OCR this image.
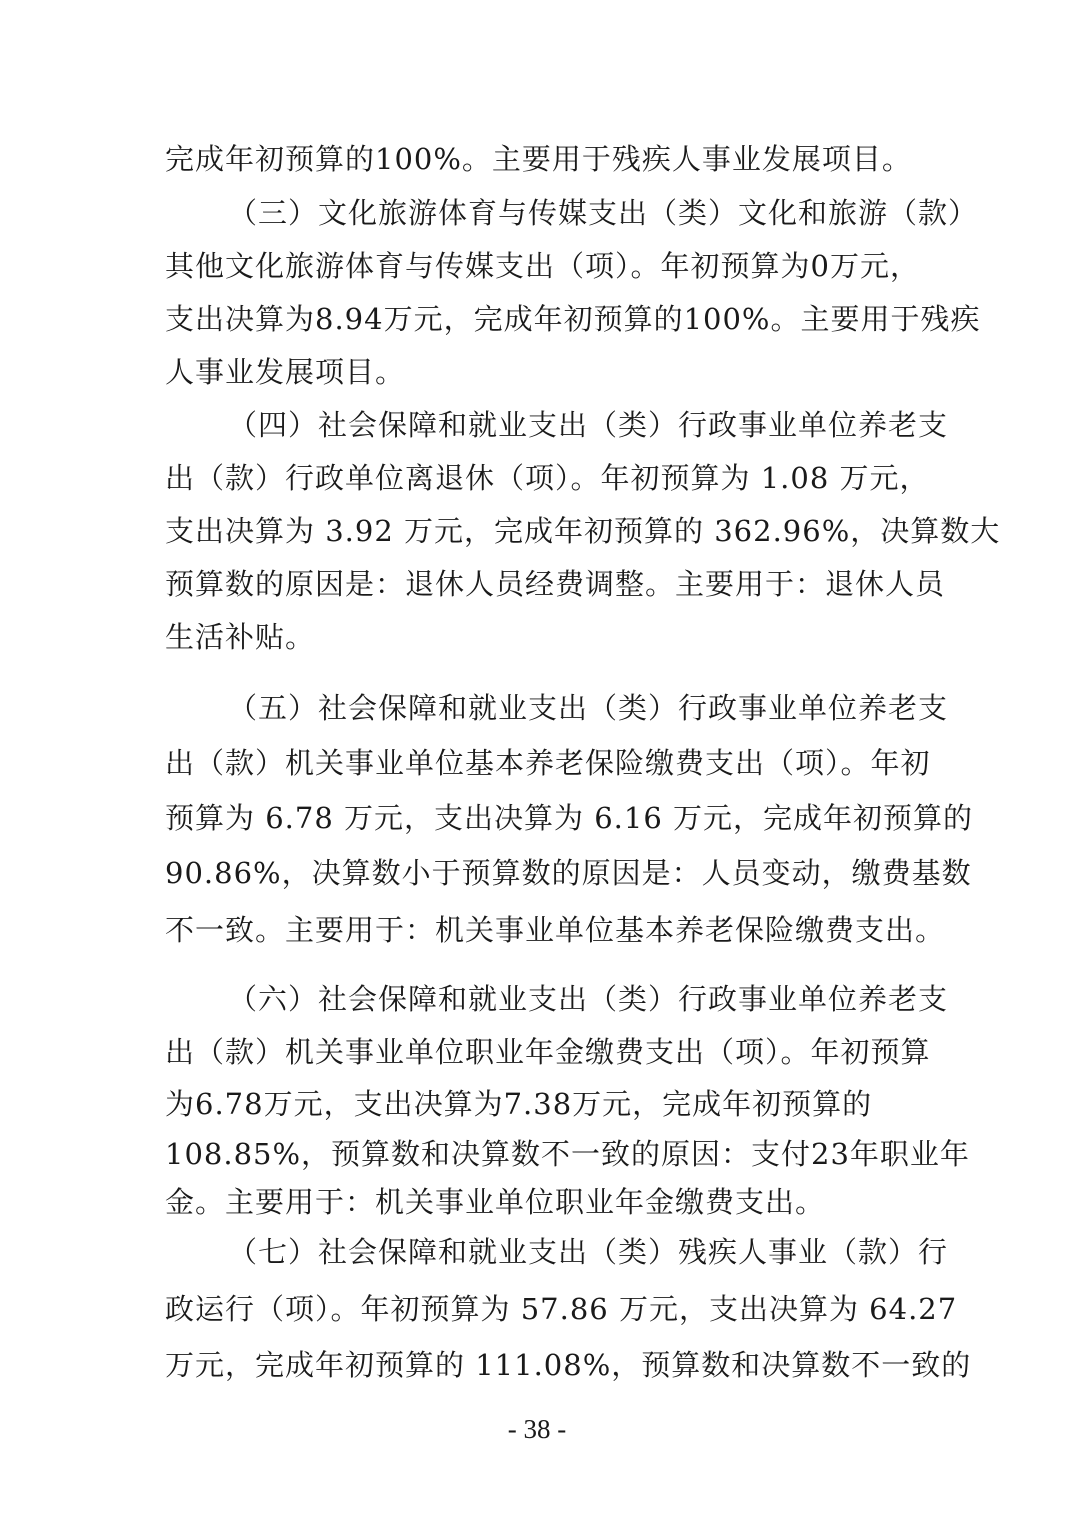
完成年初预算的100%。主要用于残疾人事业发展项目。
（三）文化旅游体育与传媒支出（类）文化和旅游（款）
其他文化旅游体育与传媒支出（项）。年初预算为0万元，
支出决算为8.94万元，完成年初预算的100%。主要用于残疾
人事业发展项目。
（四）社会保障和就业支出（类）行政事业单位养老支
出（款）行政单位离退休（项）。年初预算为 1.08 万元，
支出决算为 3.92 万元，完成年初预算的 362.96%，决算数大
预算数的原因是：退休人员经费调整。主要用于：退休人员
生活补贴。
（五）社会保障和就业支出（类）行政事业单位养老支
出（款）机关事业单位基本养老保险缴费支出（项）。年初
预算为 6.78 万元，支出决算为 6.16 万元，完成年初预算的
90.86%，决算数小于预算数的原因是：人员变动，缴费基数
不一致。主要用于：机关事业单位基本养老保险缴费支出。
（六）社会保障和就业支出（类）行政事业单位养老支
出（款）机关事业单位职业年金缴费支出（项）。年初预算
为6.78万元，支出决算为7.38万元，完成年初预算的
108.85%，预算数和决算数不一致的原因：支付23年职业年
金。主要用于：机关事业单位职业年金缴费支出。
（七）社会保障和就业支出（类）残疾人事业（款）行
政运行（项）。年初预算为 57.86 万元，支出决算为 64.27
万元，完成年初预算的 111.08%，预算数和决算数不一致的
- 38 -
